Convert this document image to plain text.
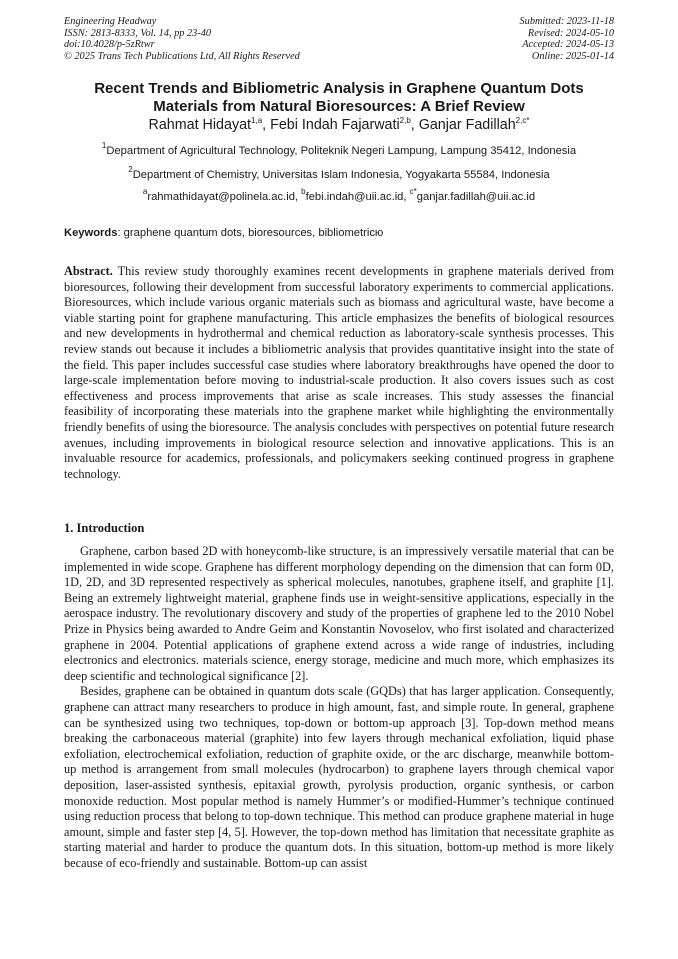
Engineering Headway
ISSN: 2813-8333, Vol. 14, pp 23-40
doi:10.4028/p-5zRtwr
© 2025 Trans Tech Publications Ltd, All Rights Reserved
Submitted: 2023-11-18
Revised: 2024-05-10
Accepted: 2024-05-13
Online: 2025-01-14
Recent Trends and Bibliometric Analysis in Graphene Quantum Dots Materials from Natural Bioresources: A Brief Review
Rahmat Hidayat$^{1,a}$, Febi Indah Fajarwati$^{2,b}$, Ganjar Fadillah$^{2,c*}$
$^1$Department of Agricultural Technology, Politeknik Negeri Lampung, Lampung 35412, Indonesia
$^2$Department of Chemistry, Universitas Islam Indonesia, Yogyakarta 55584, Indonesia
$^a$rahmathidayat@polinela.ac.id, $^b$febi.indah@uii.ac.id, $^{c*}$ganjar.fadillah@uii.ac.id
Keywords: graphene quantum dots, bioresources, bibliometricю
Abstract. This review study thoroughly examines recent developments in graphene materials derived from bioresources, following their development from successful laboratory experiments to commercial applications. Bioresources, which include various organic materials such as biomass and agricultural waste, have become a viable starting point for graphene manufacturing. This article emphasizes the benefits of biological resources and new developments in hydrothermal and chemical reduction as laboratory-scale synthesis processes. This review stands out because it includes a bibliometric analysis that provides quantitative insight into the state of the field. This paper includes successful case studies where laboratory breakthroughs have opened the door to large-scale implementation before moving to industrial-scale production. It also covers issues such as cost effectiveness and process improvements that arise as scale increases. This study assesses the financial feasibility of incorporating these materials into the graphene market while highlighting the environmentally friendly benefits of using the bioresource. The analysis concludes with perspectives on potential future research avenues, including improvements in biological resource selection and innovative applications. This is an invaluable resource for academics, professionals, and policymakers seeking continued progress in graphene technology.
1. Introduction

Graphene, carbon based 2D with honeycomb-like structure, is an impressively versatile material that can be implemented in wide scope. Graphene has different morphology depending on the dimension that can form 0D, 1D, 2D, and 3D represented respectively as spherical molecules, nanotubes, graphene itself, and graphite [1]. Being an extremely lightweight material, graphene finds use in weight-sensitive applications, especially in the aerospace industry. The revolutionary discovery and study of the properties of graphene led to the 2010 Nobel Prize in Physics being awarded to Andre Geim and Konstantin Novoselov, who first isolated and characterized graphene in 2004. Potential applications of graphene extend across a wide range of industries, including electronics and electronics. materials science, energy storage, medicine and much more, which emphasizes its deep scientific and technological significance [2].

Besides, graphene can be obtained in quantum dots scale (GQDs) that has larger application. Consequently, graphene can attract many researchers to produce in high amount, fast, and simple route. In general, graphene can be synthesized using two techniques, top-down or bottom-up approach [3]. Top-down method means breaking the carbonaceous material (graphite) into few layers through mechanical exfoliation, liquid phase exfoliation, electrochemical exfoliation, reduction of graphite oxide, or the arc discharge, meanwhile bottom-up method is arrangement from small molecules (hydrocarbon) to graphene layers through chemical vapor deposition, laser-assisted synthesis, epitaxial growth, pyrolysis production, organic synthesis, or carbon monoxide reduction. Most popular method is namely Hummer’s or modified-Hummer’s technique continued using reduction process that belong to top-down technique. This method can produce graphene material in huge amount, simple and faster step [4, 5]. However, the top-down method has limitation that necessitate graphite as starting material and harder to produce the quantum dots. In this situation, bottom-up method is more likely because of eco-friendly and sustainable. Bottom-up can assist
